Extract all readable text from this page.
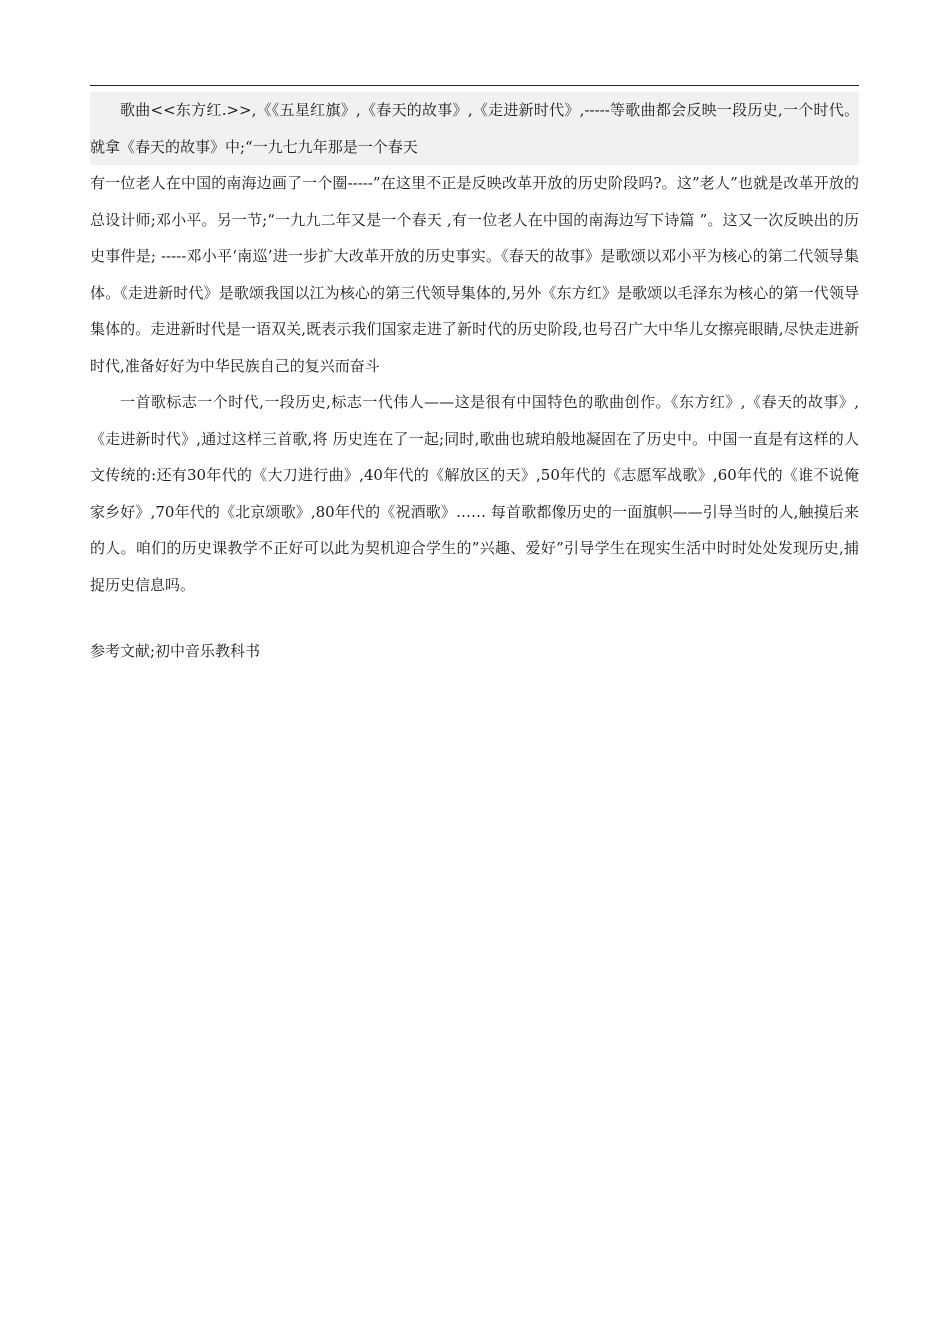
歌曲<<东方红.>>,《《五星红旗》,《春天的故事》,《走进新时代》,-----等歌曲都会反映一段历史,一个时代。就拿《春天的故事》中;“一九七九年那是一个春天

有一位老人在中国的南海边画了一个圈-----”在这里不正是反映改革开放的历史阶段吗?。这”老人”也就是改革开放的总设计师;邓小平。另一节;“一九九二年又是一个春天 ,有一位老人在中国的南海边写下诗篇 ”。这又一次反映出的历史事件是; -----邓小平‘南巡’进一步扩大改革开放的历史事实。《春天的故事》是歌颂以邓小平为核心的第二代领导集体。《走进新时代》是歌颂我国以江为核心的第三代领导集体的,另外《东方红》是歌颂以毛泽东为核心的第一代领导集体的。走进新时代是一语双关,既表示我们国家走进了新时代的历史阶段,也号召广大中华儿女擦亮眼睛,尽快走进新时代,准备好好为中华民族自己的复兴而奋斗

一首歌标志一个时代,一段历史,标志一代伟人——这是很有中国特色的歌曲创作。《东方红》,《春天的故事》,《走进新时代》,通过这样三首歌,将 历史连在了一起;同时,歌曲也琥珀般地凝固在了历史中。中国一直是有这样的人文传统的:还有30年代的《大刀进行曲》,40年代的《解放区的天》,50年代的《志愿军战歌》,60年代的《谁不说俺家乡好》,70年代的《北京颂歌》,80年代的《祝酒歌》…… 每首歌都像历史的一面旗帜——引导当时的人,触摸后来的人。咱们的历史课教学不正好可以此为契机迎合学生的”兴趣、爱好”引导学生在现实生活中时时处处发现历史,捕捉历史信息吗。

参考文献;初中音乐教科书
